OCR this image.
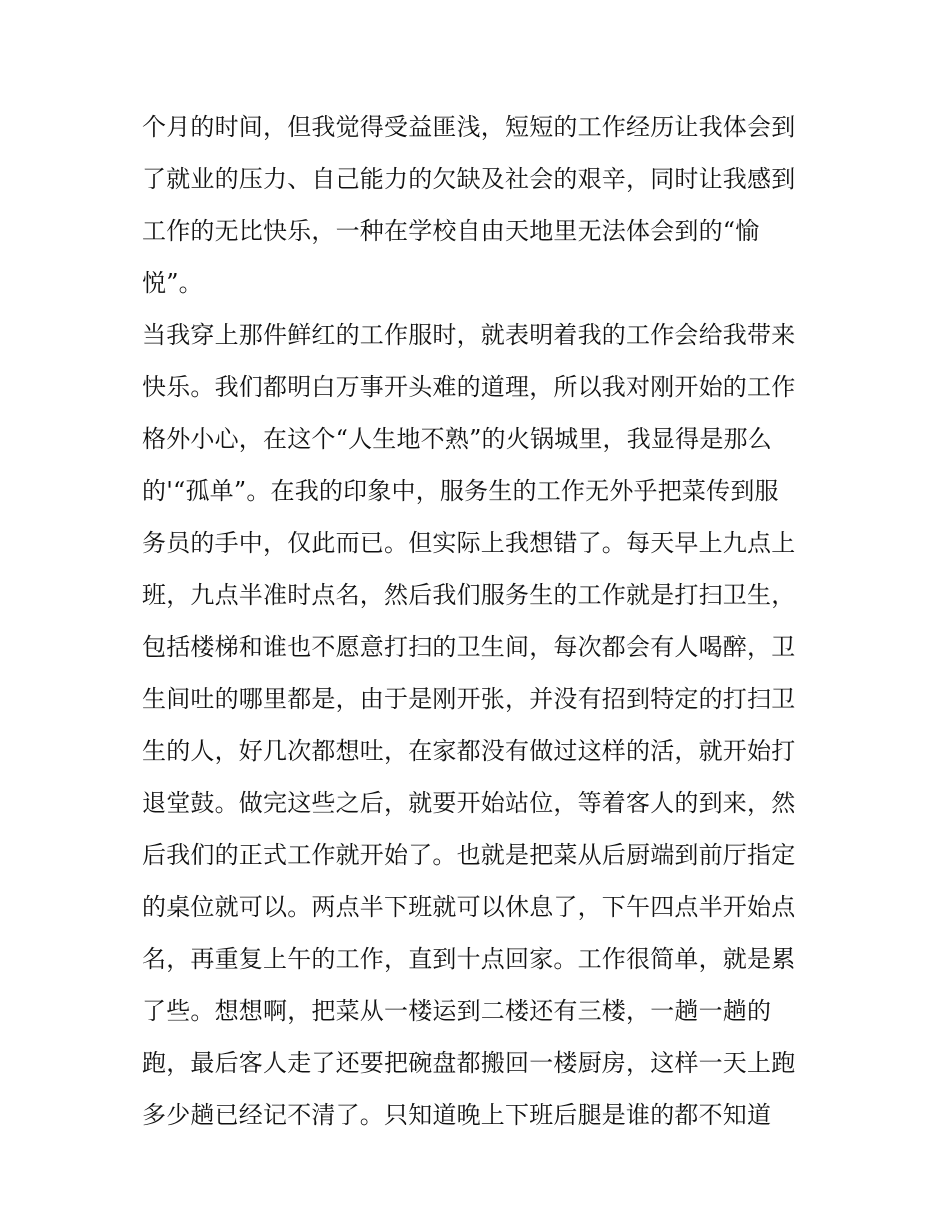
个月的时间，但我觉得受益匪浅，短短的工作经历让我体会到

了就业的压力、自己能力的欠缺及社会的艰辛，同时让我感到

工作的无比快乐，一种在学校自由天地里无法体会到的“愉

悦”。

当我穿上那件鲜红的工作服时，就表明着我的工作会给我带来

快乐。我们都明白万事开头难的道理，所以我对刚开始的工作

格外小心，在这个“人生地不熟”的火锅城里，我显得是那么

的'“孤单”。在我的印象中，服务生的工作无外乎把菜传到服

务员的手中，仅此而已。但实际上我想错了。每天早上九点上

班，九点半准时点名，然后我们服务生的工作就是打扫卫生，

包括楼梯和谁也不愿意打扫的卫生间，每次都会有人喝醉，卫

生间吐的哪里都是，由于是刚开张，并没有招到特定的打扫卫

生的人，好几次都想吐，在家都没有做过这样的活，就开始打

退堂鼓。做完这些之后，就要开始站位，等着客人的到来，然

后我们的正式工作就开始了。也就是把菜从后厨端到前厅指定

的桌位就可以。两点半下班就可以休息了，下午四点半开始点

名，再重复上午的工作，直到十点回家。工作很简单，就是累

了些。想想啊，把菜从一楼运到二楼还有三楼，一趟一趟的

跑，最后客人走了还要把碗盘都搬回一楼厨房，这样一天上跑

多少趟已经记不清了。只知道晚上下班后腿是谁的都不知道
